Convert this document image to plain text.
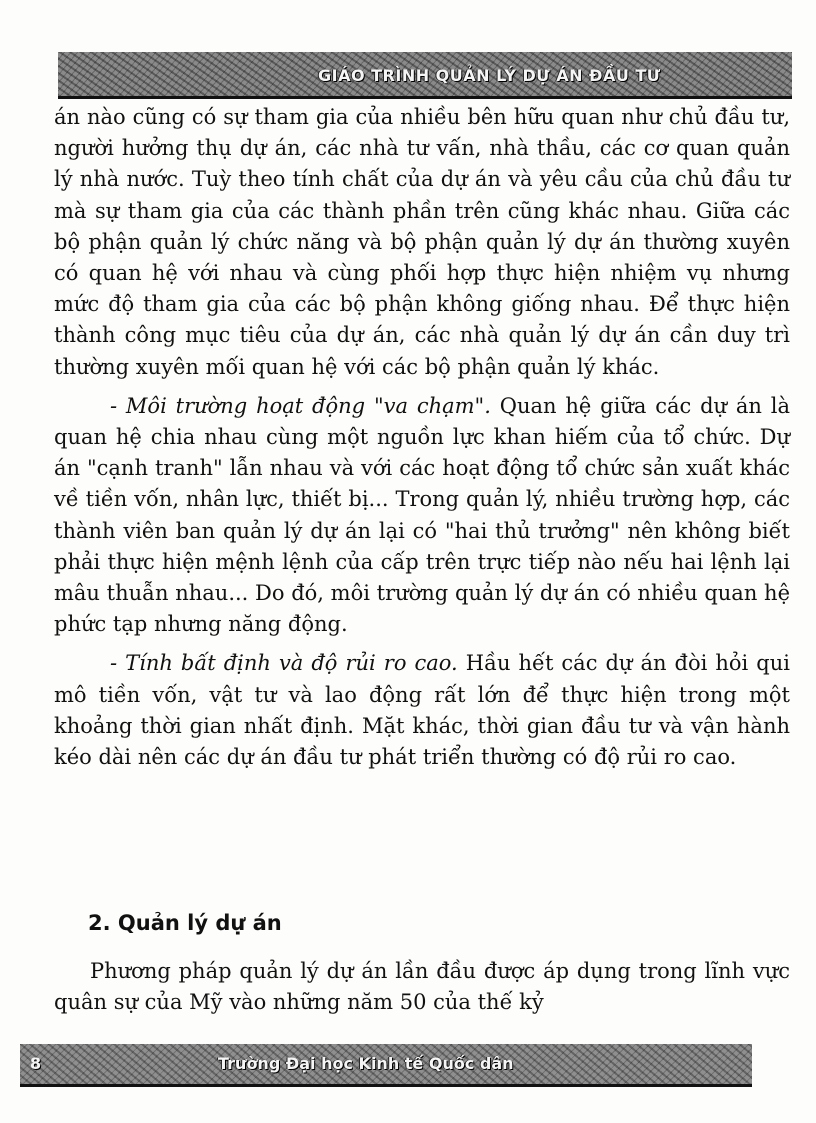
GIÁO TRÌNH QUẢN LÝ DỰ ÁN ĐẦU TƯ

án nào cũng có sự tham gia của nhiều bên hữu quan như chủ đầu tư, người hưởng thụ dự án, các nhà tư vấn, nhà thầu, các cơ quan quản lý nhà nước. Tuỳ theo tính chất của dự án và yêu cầu của chủ đầu tư mà sự tham gia của các thành phần trên cũng khác nhau. Giữa các bộ phận quản lý chức năng và bộ phận quản lý dự án thường xuyên có quan hệ với nhau và cùng phối hợp thực hiện nhiệm vụ nhưng mức độ tham gia của các bộ phận không giống nhau. Để thực hiện thành công mục tiêu của dự án, các nhà quản lý dự án cần duy trì thường xuyên mối quan hệ với các bộ phận quản lý khác.

- Môi trường hoạt động "va chạm". Quan hệ giữa các dự án là quan hệ chia nhau cùng một nguồn lực khan hiếm của tổ chức. Dự án "cạnh tranh" lẫn nhau và với các hoạt động tổ chức sản xuất khác về tiền vốn, nhân lực, thiết bị... Trong quản lý, nhiều trường hợp, các thành viên ban quản lý dự án lại có "hai thủ trưởng" nên không biết phải thực hiện mệnh lệnh của cấp trên trực tiếp nào nếu hai lệnh lại mâu thuẫn nhau... Do đó, môi trường quản lý dự án có nhiều quan hệ phức tạp nhưng năng động.

- Tính bất định và độ rủi ro cao. Hầu hết các dự án đòi hỏi qui mô tiền vốn, vật tư và lao động rất lớn để thực hiện trong một khoảng thời gian nhất định. Mặt khác, thời gian đầu tư và vận hành kéo dài nên các dự án đầu tư phát triển thường có độ rủi ro cao.

2. Quản lý dự án
Phương pháp quản lý dự án lần đầu được áp dụng trong lĩnh vực quân sự của Mỹ vào những năm 50 của thế kỷ
8	Trường Đại học Kinh tế Quốc dân
